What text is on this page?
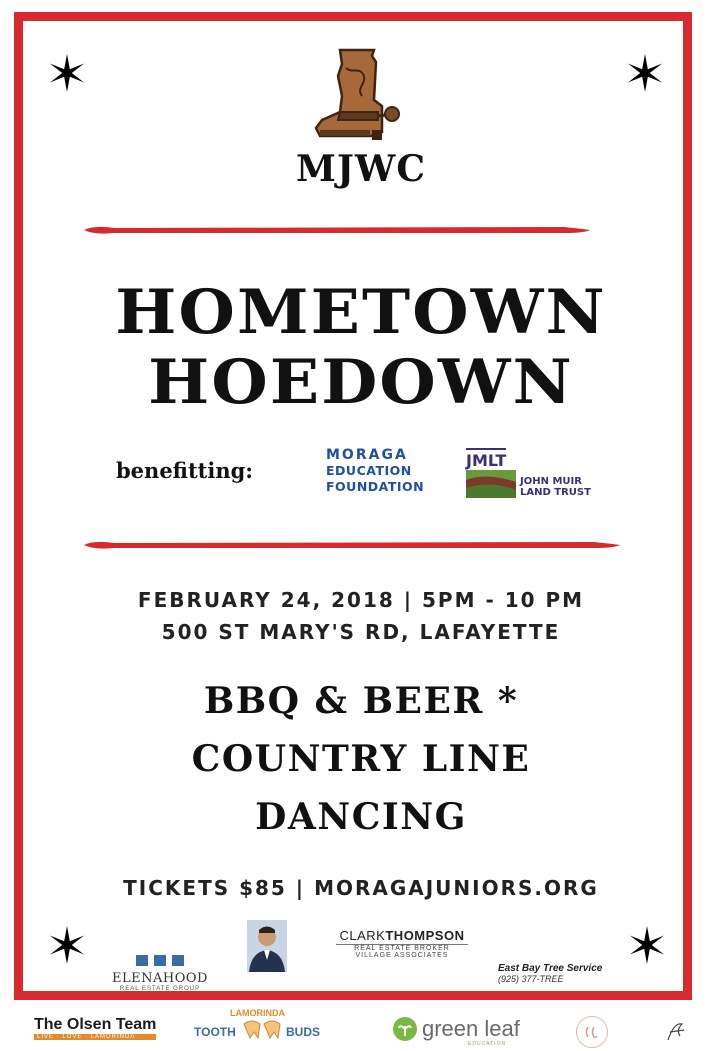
MJWC
HOMETOWN
HOEDOWN
benefitting:
MORAGA
EDUCATION
FOUNDATION
JMLT
JOHN MUIR
LAND TRUST
FEBRUARY 24, 2018 | 5PM - 10 PM
500 ST MARY'S RD, LAFAYETTE
BBQ & BEER *
COUNTRY LINE
DANCING
TICKETS $85 | MORAGAJUNIORS.ORG
ELENAHOOD
REAL ESTATE GROUP
CLARKTHOMPSON
REAL ESTATE BROKER
VILLAGE ASSOCIATES
East Bay Tree Service
(925) 377-TREE
The Olsen Team
LIVE · LOVE · LAMORINDA
LAMORINDA
TOOTH	BUDS	green leaf
EDUCATION
